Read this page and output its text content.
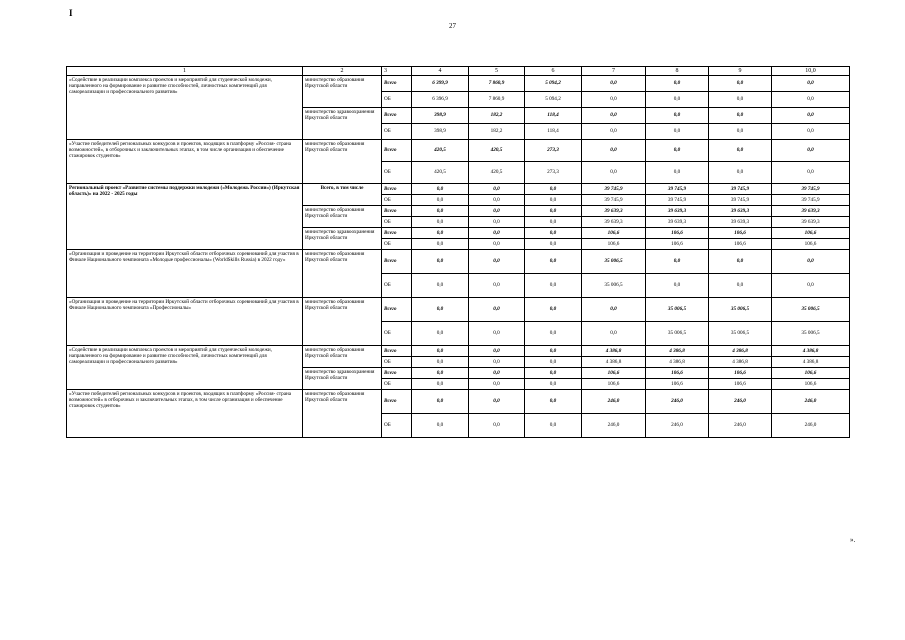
I
27
1	2	3	4	5	6	7	8	9	10,0
«Содействие в реализации комплекса проектов и мероприятий для студенческой молодежи, направленного на формирование и развитие способностей, личностных компетенций для самореализации и профессионального развития»	министерство образования Иркутской области	Всего	6 399,9	7 860,9	5 094,2	0,0	0,0	0,0	0,0
		ОБ	6 396,9	7 860,9	5 094,2	0,0	0,0	0,0	0,0
	министерство здравоохранения Иркутской области	Всего	398,9	182,2	118,4	0,0	0,0	0,0	0,0
		ОБ	398,9	182,2	118,4	0,0	0,0	0,0	0,0
«Участие победителей региональных конкурсов и проектов, входящих в платформу «Россия- страна возможностей», в отборочных и заключительных этапах, в том числе организация и обеспечение стажировок студентов»	министерство образования Иркутской области	Всего	420,5	420,5	273,3	0,0	0,0	0,0	0,0
		ОБ	420,5	420,5	273,3	0,0	0,0	0,0	0,0
Региональный проект «Развитие системы поддержки молодежи («Молодежь России») (Иркутская область)» на 2022 - 2025 годы	Всего, в том числе	Всего	0,0	0,0	0,0	39 745,9	39 745,9	39 745,9	39 745,9
		ОБ	0,0	0,0	0,0	39 745,9	39 745,9	39 745,9	39 745,9
	министерство образования Иркутской области	Всего	0,0	0,0	0,0	39 639,3	39 639,3	39 639,3	39 639,3
		ОБ	0,0	0,0	0,0	39 639,3	39 639,3	39 639,3	39 639,3
	министерство здравоохранения Иркутской области	Всего	0,0	0,0	0,0	106,6	106,6	106,6	106,6
		ОБ	0,0	0,0	0,0	106,6	106,6	106,6	106,6
«Организация и проведение на территории Иркутской области отборочных соревнований для участия в Финале Национального чемпионата «Молодые профессионалы» (WorldSkills Russia) в 2022 году»	министерство образования Иркутской области	Всего	0,0	0,0	0,0	35 006,5	0,0	0,0	0,0
		ОБ	0,0	0,0	0,0	35 006,5	0,0	0,0	0,0
«Организация и проведение на территории Иркутской области отборочных соревнований для участия в Финале Национального чемпионата «Профессионалы»	министерство образования Иркутской области	Всего	0,0	0,0	0,0	0,0	35 006,5	35 006,5	35 006,5
		ОБ	0,0	0,0	0,0	0,0	35 006,5	35 006,5	35 006,5
«Содействие в реализации комплекса проектов и мероприятий для студенческой молодежи, направленного на формирование и развитие способностей, личностных компетенций для самореализации и профессионального развития»	министерство образования Иркутской области	Всего	0,0	0,0	0,0	4 386,8	4 386,8	4 386,8	4 386,8
		ОБ	0,0	0,0	0,0	4 386,8	4 386,8	4 386,8	4 386,8
	министерство здравоохранения Иркутской области	Всего	0,0	0,0	0,0	106,6	106,6	106,6	106,6
		ОБ	0,0	0,0	0,0	106,6	106,6	106,6	106,6
«Участие победителей региональных конкурсов и проектов, входящих в платформу «Россия- страна возможностей» в отборочных и заключительных этапах, в том числе организация и обеспечение стажировок студентов»	министерство образования Иркутской области	Всего	0,0	0,0	0,0	246,0	246,0	246,0	246,0
		ОБ	0,0	0,0	0,0	246,0	246,0	246,0	246,0
».
